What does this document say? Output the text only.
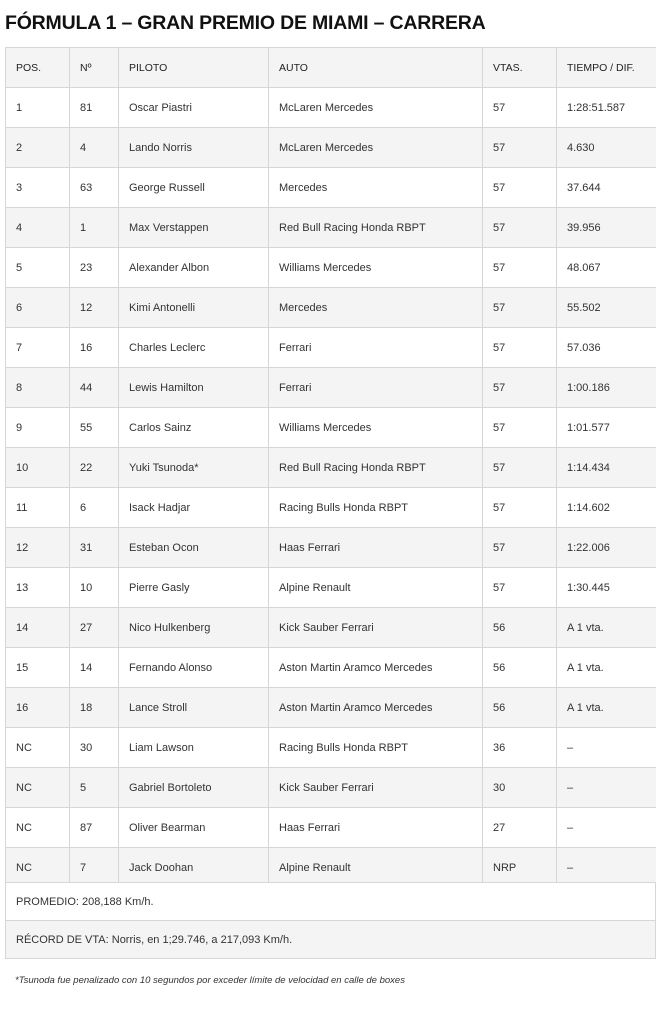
FÓRMULA 1 – GRAN PREMIO DE MIAMI – CARRERA
POS.	Nº	PILOTO	AUTO	VTAS.	TIEMPO / DIF.
1	81	Oscar Piastri	McLaren Mercedes	57	1:28:51.587
2	4	Lando Norris	McLaren Mercedes	57	4.630
3	63	George Russell	Mercedes	57	37.644
4	1	Max Verstappen	Red Bull Racing Honda RBPT	57	39.956
5	23	Alexander Albon	Williams Mercedes	57	48.067
6	12	Kimi Antonelli	Mercedes	57	55.502
7	16	Charles Leclerc	Ferrari	57	57.036
8	44	Lewis Hamilton	Ferrari	57	1:00.186
9	55	Carlos Sainz	Williams Mercedes	57	1:01.577
10	22	Yuki Tsunoda*	Red Bull Racing Honda RBPT	57	1:14.434
11	6	Isack Hadjar	Racing Bulls Honda RBPT	57	1:14.602
12	31	Esteban Ocon	Haas Ferrari	57	1:22.006
13	10	Pierre Gasly	Alpine Renault	57	1:30.445
14	27	Nico Hulkenberg	Kick Sauber Ferrari	56	A 1 vta.
15	14	Fernando Alonso	Aston Martin Aramco Mercedes	56	A 1 vta.
16	18	Lance Stroll	Aston Martin Aramco Mercedes	56	A 1 vta.
NC	30	Liam Lawson	Racing Bulls Honda RBPT	36	–
NC	5	Gabriel Bortoleto	Kick Sauber Ferrari	30	–
NC	87	Oliver Bearman	Haas Ferrari	27	–
NC	7	Jack Doohan	Alpine Renault	NRP	–
PROMEDIO: 208,188 Km/h.
RÉCORD DE VTA: Norris, en 1;29.746, a 217,093 Km/h.
*Tsunoda fue penalizado con 10 segundos por exceder límite de velocidad en calle de boxes
